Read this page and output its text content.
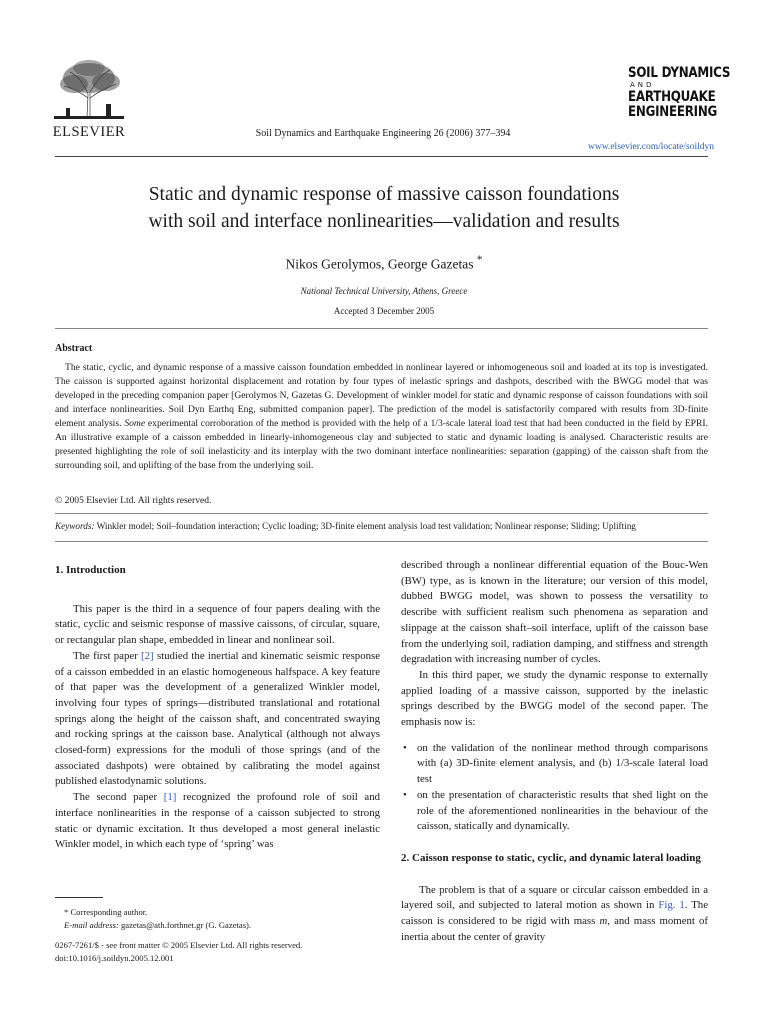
ELSEVIER	Soil Dynamics and Earthquake Engineering 26 (2006) 377–394
SOIL DYNAMICS
AND
EARTHQUAKE
ENGINEERING
www.elsevier.com/locate/soildyn
Static and dynamic response of massive caisson foundations
with soil and interface nonlinearities—validation and results
Nikos Gerolymos, George Gazetas *
National Technical University, Athens, Greece
Accepted 3 December 2005
Abstract
The static, cyclic, and dynamic response of a massive caisson foundation embedded in nonlinear layered or inhomogeneous soil and loaded at its top is investigated. The caisson is supported against horizontal displacement and rotation by four types of inelastic springs and dashpots, described with the BWGG model that was developed in the preceding companion paper [Gerolymos N, Gazetas G. Development of winkler model for static and dynamic response of caisson foundations with soil and interface nonlinearities. Soil Dyn Earthq Eng, submitted companion paper]. The prediction of the model is satisfactorily compared with results from 3D-finite element analysis. Some experimental corroboration of the method is provided with the help of a 1/3-scale lateral load test that had been conducted in the field by EPRI. An illustrative example of a caisson embedded in linearly-inhomogeneous clay and subjected to static and dynamic loading is analysed. Characteristic results are presented highlighting the role of soil inelasticity and its interplay with the two dominant interface nonlinearities: separation (gapping) of the caisson shaft from the surrounding soil, and uplifting of the base from the underlying soil.
© 2005 Elsevier Ltd. All rights reserved.
Keywords: Winkler model; Soil–foundation interaction; Cyclic loading; 3D-finite element analysis load test validation; Nonlinear response; Sliding; Uplifting
1. Introduction

This paper is the third in a sequence of four papers dealing with the static, cyclic and seismic response of massive caissons, of circular, square, or rectangular plan shape, embedded in linear and nonlinear soil.

The first paper [2] studied the inertial and kinematic seismic response of a caisson embedded in an elastic homogeneous halfspace. A key feature of that paper was the development of a generalized Winkler model, involving four types of springs—distributed translational and rotational springs along the height of the caisson shaft, and concentrated swaying and rocking springs at the caisson base. Analytical (although not always closed-form) expressions for the moduli of those springs (and of the associated dashpots) were obtained by calibrating the model against published elastodynamic solutions.

The second paper [1] recognized the profound role of soil and interface nonlinearities in the response of a caisson subjected to strong static or dynamic excitation. It thus developed a most general inelastic Winkler model, in which each type of ‘spring’ was

described through a nonlinear differential equation of the Bouc-Wen (BW) type, as is known in the literature; our version of this model, dubbed BWGG model, was shown to possess the versatility to describe with sufficient realism such phenomena as separation and slippage at the caisson shaft–soil interface, uplift of the caisson base from the underlying soil, radiation damping, and stiffness and strength degradation with increasing number of cycles.

In this third paper, we study the dynamic response to externally applied loading of a massive caisson, supported by the inelastic springs described by the BWGG model of the second paper. The emphasis now is:

• on the validation of the nonlinear method through comparisons with (a) 3D-finite element analysis, and (b) 1/3-scale lateral load test
• on the presentation of characteristic results that shed light on the role of the aforementioned nonlinearities in the behaviour of the caisson, statically and dynamically.
2. Caisson response to static, cyclic, and dynamic lateral loading

The problem is that of a square or circular caisson embedded in a layered soil, and subjected to lateral motion as shown in Fig. 1. The caisson is considered to be rigid with mass m, and mass moment of inertia about the center of gravity

* Corresponding author.
E-mail address: gazetas@ath.forthnet.gr (G. Gazetas).
0267-7261/$ - see front matter © 2005 Elsevier Ltd. All rights reserved.
doi:10.1016/j.soildyn.2005.12.001
